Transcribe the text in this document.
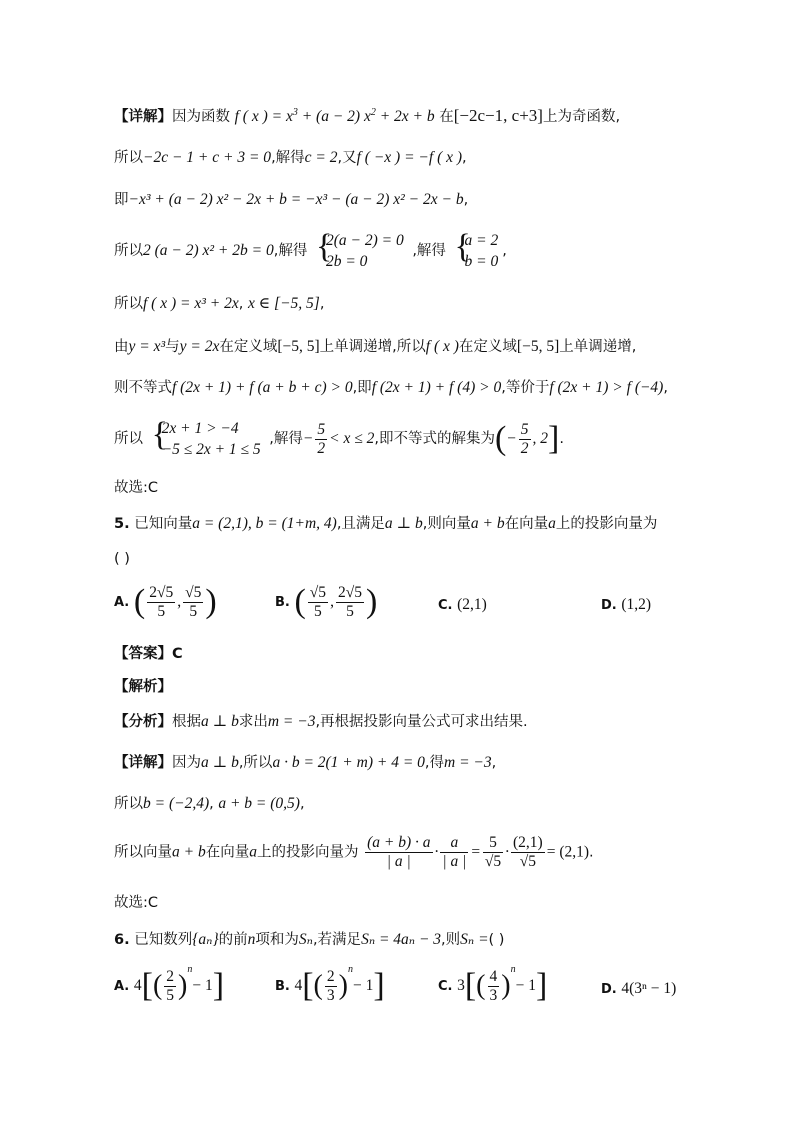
【详解】因为函数 f ( x ) = $x^3 + (a - 2) x^2 + 2x + b$ 在[−2c−1, c+3]上为奇函数,
所以−2c − 1 + c + 3 = 0,解得c = 2,又f ( −x ) = −f ( x ),
即−x³ + (a − 2) x² − 2x + b = −x³ − (a − 2) x² − 2x − b,
所以2 (a − 2) x² + 2b = 0,解得 {
2(a − 2) = 0
2b = 0
,解得 {
a = 2
b = 0
,
所以f ( x ) = x³ + 2x, x ∈ [−5, 5],
由y = x³与y = 2x在定义域[−5, 5]上单调递增,所以f ( x )在定义域[−5, 5]上单调递增,
则不等式f (2x + 1) + f (a + b + c) > 0,即f (2x + 1) + f (4) > 0,等价于f (2x + 1) > f (−4),
所以 {
2x + 1 > −4
−5 ≤ 2x + 1 ≤ 5
,解得− $\frac{5}{2} < x \le 2$,即不等式的解集为(− $\frac{5}{2}$ , 2].
故选:C
5. 已知向量a = (2,1), b = (1+m, 4),且满足a ⊥ b,则向量a + b在向量a上的投影向量为
( )
A. ( $\frac{2√5}{5}$ , $\frac{√5}{5}$ )	B. ( $\frac{√5}{5}$ , $\frac{2√5}{5}$ )	C. (2,1)	D. (1,2)
【答案】C
【解析】
【分析】根据a ⊥ b求出m = −3,再根据投影向量公式可求出结果.
【详解】因为a ⊥ b,所以a · b = 2(1 + m) + 4 = 0,得m = −3,
所以b = (−2,4), a + b = (0,5),
所以向量a + b在向量a上的投影向量为 $\frac{(a + b) \cdot a}{| a |} \cdot \frac{a}{| a |} = \frac{5}{√5} \cdot \frac{(2,1)}{√5} = (2,1)$.
故选:C
6. 已知数列{aₙ}的前n项和为Sₙ,若满足Sₙ = 4aₙ − 3,则Sₙ =( )
A. $4[( \frac{2}{5} )^n- 1]$	B. $4[( \frac{2}{3} )^n- 1]$	C. $3[( \frac{4}{3} )^n- 1]$	D. 4(3ⁿ − 1)
